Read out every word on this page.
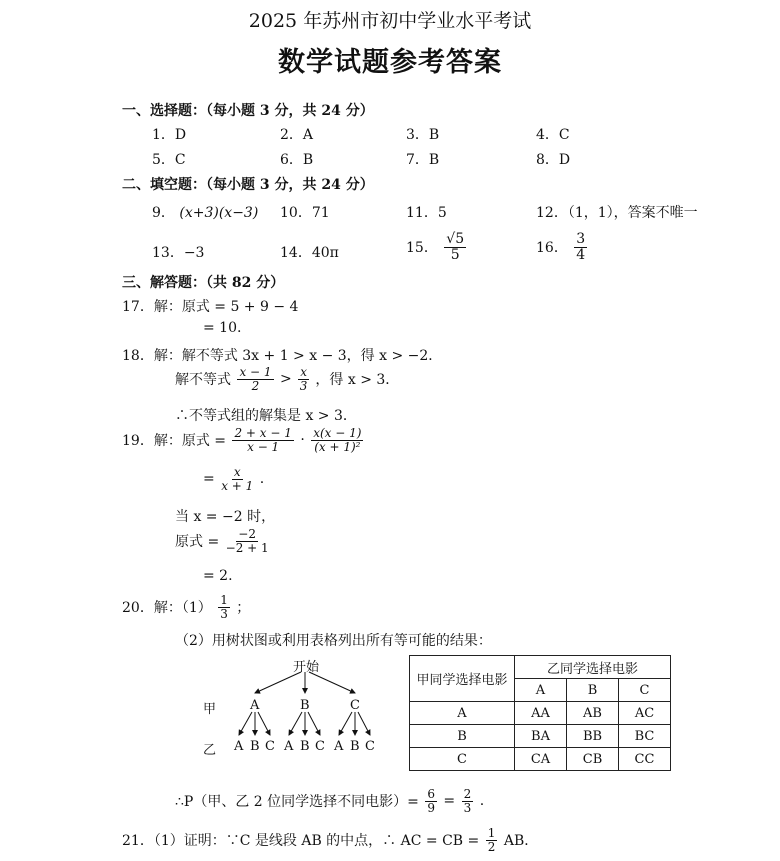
2025 年苏州市初中学业水平考试
数学试题参考答案
一、选择题：（每小题 3 分，共 24 分）
1．D	2．A	3．B	4．C
5．C	6．B	7．B	8．D
二、填空题：（每小题 3 分，共 24 分）
9． (x+3)(x−3) 10．71	11．5	12．（1，1），答案不唯一
13．−3	14．40π	15． $\frac{√5}{5}$	16． $\frac{3}{4}$
三、解答题：（共 82 分）
17．解：原式 = 5 + 9 − 4
= 10.
18．解：解不等式 3x + 1 > x − 3，得 x > −2．
解不等式 $\frac{x - 1}{2} > \frac{x}{3}$ ，得 x > 3．
∴不等式组的解集是 x > 3．
19．解：原式 = $\frac{2 + x - 1}{x - 1} \cdot \frac{x(x - 1)}{\text{(x + 1)²}}$
= $\frac{x}{x + 1}$ .
当 x = −2 时，
原式 = $\frac{-2}{-2 + 1}$
= 2.
20．解：$(1) \frac{1}{3}$ ；
（2）用树状图或利用表格列出所有等可能的结果：
开始
甲
乙
A	B	C
A B C A B C A B C
甲同学选择电影	乙同学选择电影		
	A	B	C
A	AA	AB	AC
B	BA	BB	BC
C	CA	CB	CC
∴P（甲、乙 2 位同学选择不同电影）= $\frac{6}{9} = \frac{2}{3}$ .
21．（1）证明：∵C 是线段 AB 的中点，∴ AC = CB = $\frac{1}{2}$ AB．
